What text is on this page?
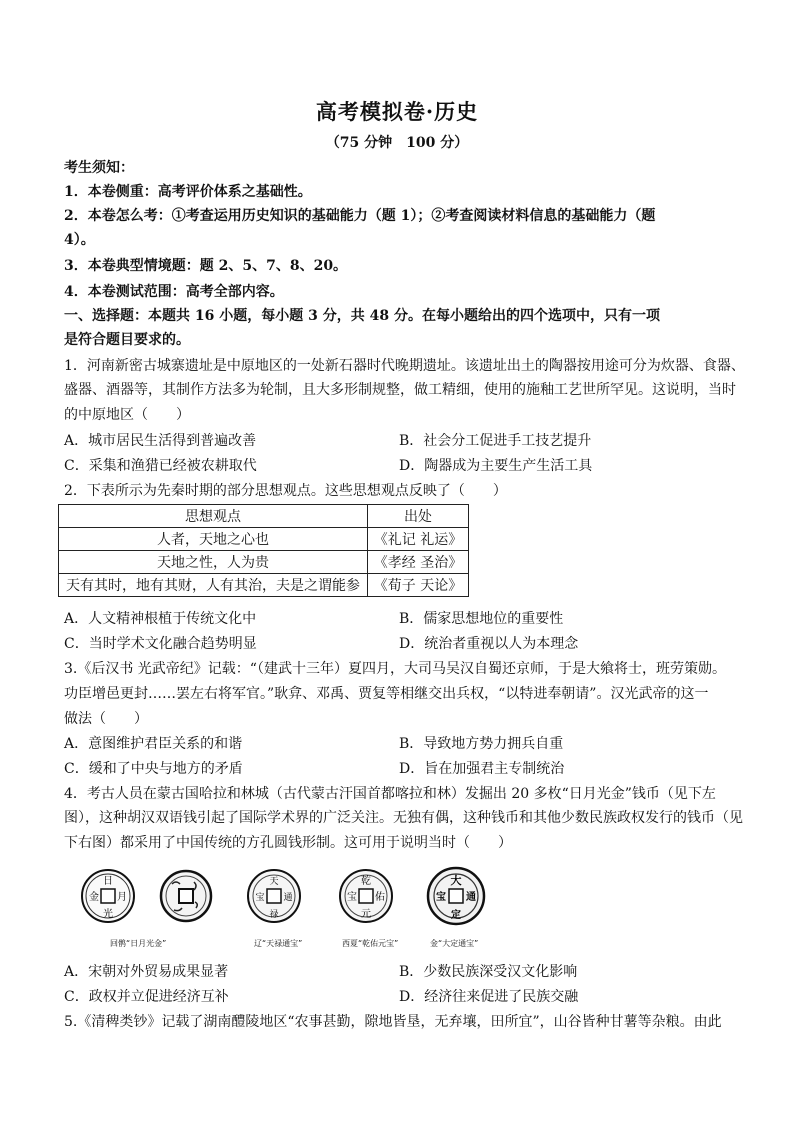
高考模拟卷·历史
（75 分钟　100 分）
考生须知：
1．本卷侧重：高考评价体系之基础性。
2．本卷怎么考：①考查运用历史知识的基础能力（题 1）；②考查阅读材料信息的基础能力（题
4）。
3．本卷典型情境题：题 2、5、7、8、20。
4．本卷测试范围：高考全部内容。
一、选择题：本题共 16 小题，每小题 3 分，共 48 分。在每小题给出的四个选项中，只有一项
是符合题目要求的。
1．河南新密古城寨遗址是中原地区的一处新石器时代晚期遗址。该遗址出土的陶器按用途可分为炊器、食器、
盛器、酒器等，其制作方法多为轮制，且大多形制规整，做工精细，使用的施釉工艺世所罕见。这说明，当时
的中原地区（　　）
A．城市居民生活得到普遍改善	B．社会分工促进手工技艺提升
C．采集和渔猎已经被农耕取代	D．陶器成为主要生产生活工具
2．下表所示为先秦时期的部分思想观点。这些思想观点反映了（　　）
思想观点	出处
人者，天地之心也	《礼记 礼运》
天地之性，人为贵	《孝经 圣治》
天有其时，地有其财，人有其治，夫是之谓能参	《荀子 天论》
A．人文精神根植于传统文化中	B．儒家思想地位的重要性
C．当时学术文化融合趋势明显	D．统治者重视以人为本理念
3.《后汉书 光武帝纪》记载：“（建武十三年）夏四月，大司马吴汉自蜀还京师，于是大飨将士，班劳策勋。
功臣增邑更封……罢左右将军官。”耿弇、邓禹、贾复等相继交出兵权，“以特进奉朝请”。汉光武帝的这一
做法（　　）
A．意图维护君臣关系的和谐	B．导致地方势力拥兵自重
C．缓和了中央与地方的矛盾	D．旨在加强君主专制统治
4．考古人员在蒙古国哈拉和林城（古代蒙古汗国首都喀拉和林）发掘出 20 多枚“日月光金”钱币（见下左
图），这种胡汉双语钱引起了国际学术界的广泛关注。无独有偶，这种钱币和其他少数民族政权发行的钱币（见
下右图）都采用了中国传统的方孔圆钱形制。这可用于说明当时（　　）
日
光
金 月
天
禄
通
宝
乾
元
宝 佑
大
定
通
宝
回鹘“日月光金”	辽“天禄通宝”	西夏“乾佑元宝”	金“大定通宝”
A．宋朝对外贸易成果显著	B．少数民族深受汉文化影响
C．政权并立促进经济互补	D．经济往来促进了民族交融
5.《清稗类钞》记载了湖南醴陵地区“农事甚勤，隙地皆垦，无弃壤，田所宜”，山谷皆种甘薯等杂粮。由此
